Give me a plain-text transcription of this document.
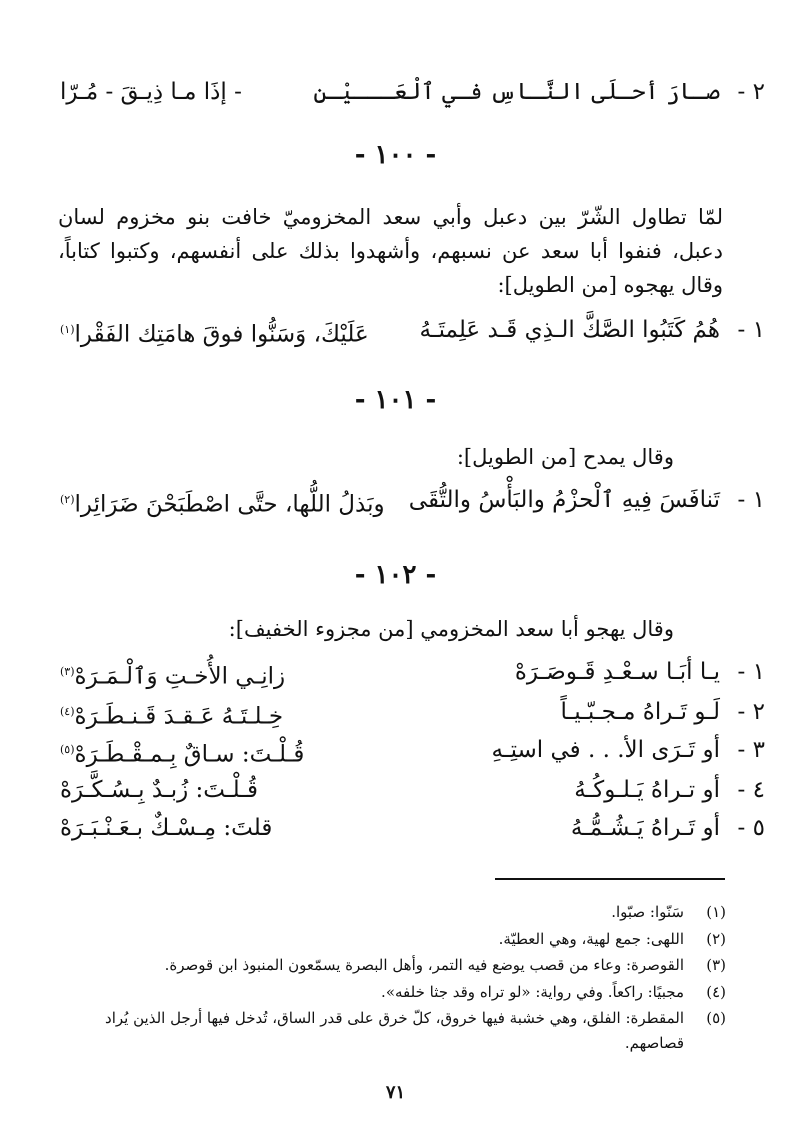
٢ -
صـارَ أحـلَى النَّـاسِ فـي ٱلْعَـــيْـنِ
- إذَا مـا ذِيـقَ - مُـرّا
- ١٠٠ -
لمّا تطاول الشّرّ بين دعبل وأبي سعد المخزوميّ خافت بنو مخزوم لسان دعبل، فنفوا أبا سعد عن نسبهم، وأشهدوا بذلك على أنفسهم، وكتبوا كتاباً، وقال يهجوه [من الطويل]:
١ -
هُمُ كَتَبُوا الصَّكَّ الـذِي قَـد عَلِمتَـهُ
عَلَيْكَ، وَسَنُّوا فوقَ هامَتِك الفَقْرا$^{(١)}$
- ١٠١ -
وقال يمدح [من الطويل]:
١ -
تَنافَسَ فِيهِ ٱلْحزْمُ والبَأْسُ والتُّقَى
وبَذلُ اللُّها، حتَّى اصْطَبَحْنَ ضَرَائِرا$^{(٢)}$
- ١٠٢ -
وقال يهجو أبا سعد المخزومي [من مجزوء الخفيف]:
١ -
يـا أبَـا سـعْـدِ قَـوصَـرَهْ
زانِـي الأُخـتِ وَٱلْـمَـرَهْ$^{(٣)}$
٢ -
لَـو تَـراهُ مـجـبّـيـاً
خِـلـتَـهُ عَـقـدَ قَـنـطَـرَهْ$^{(٤)}$
٣ -
أو تَـرَى الأ. . . في استِـهِ
قُـلْـتَ: سـاقٌ بِـمـقْـطَـرَهْ$^{(٥)}$
٤ -
أو تـراهُ يَـلـوكُـهُ
قُـلْـتَ: زُبـدٌ بِـسُـكَّـرَهْ
٥ -
أو تَـراهُ يَـشُـمُّـهُ
قلتَ: مِـسْـكٌ بـعَـنْـبَـرَهْ
(١)
سَنّوا: صبّوا.
(٢)
اللهى: جمع لهية، وهي العطيّة.
(٣)
القوصرة: وعاء من قصب يوضع فيه التمر، وأهل البصرة يسمّعون المنبوذ ابن قوصرة.
(٤)
مجبيًا: راكعاً. وفي رواية: «لو تراه وقد جثا خلفه».
(٥)
المقطرة: الفلق، وهي خشبة فيها خروق، كلّ خرق على قدر الساق، تُدخل فيها أرجل الذين يُراد قصاصهم.
٧١
